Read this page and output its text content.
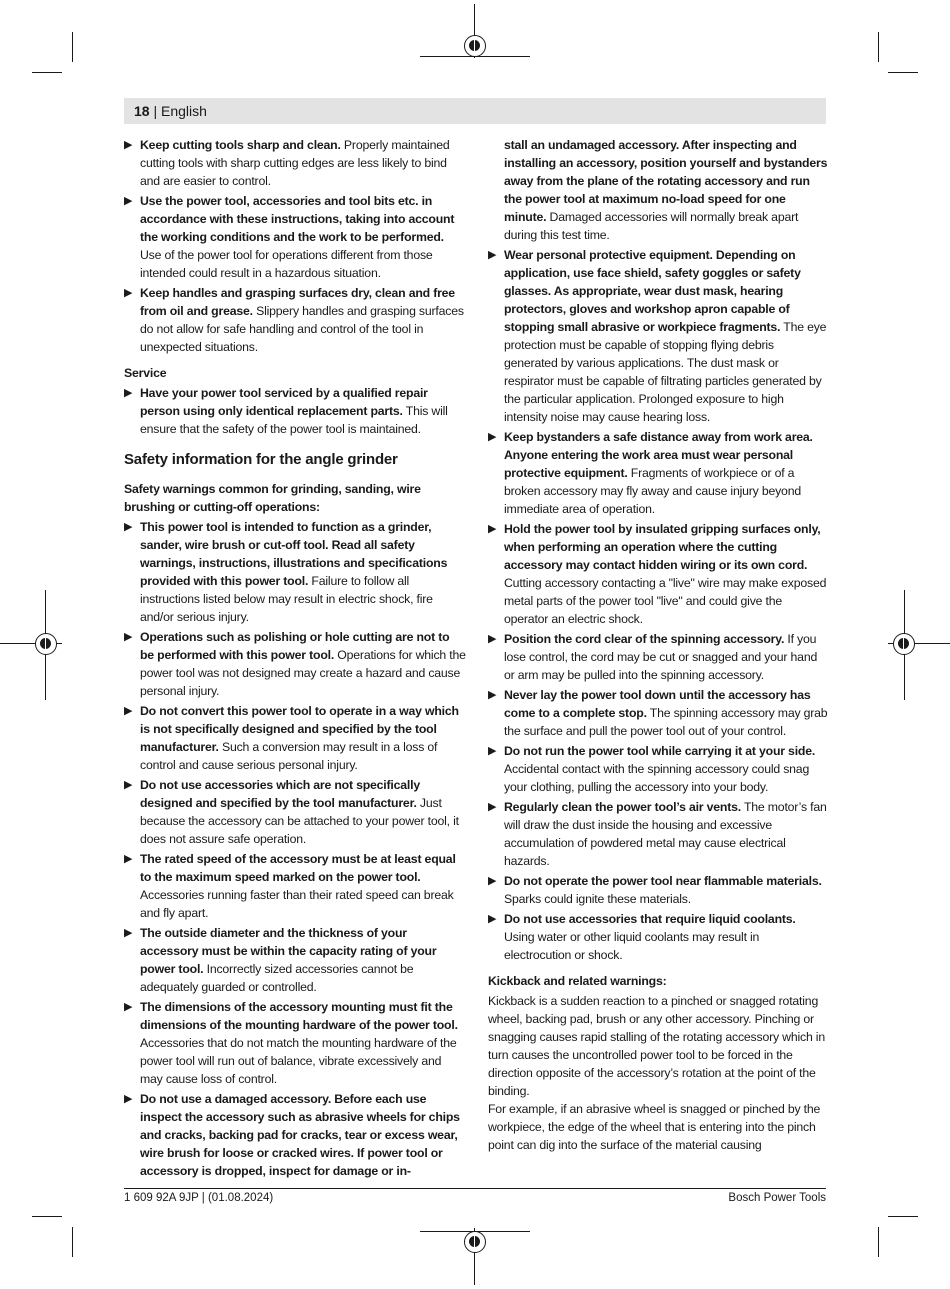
18 | English
▶ Keep cutting tools sharp and clean. Properly maintained cutting tools with sharp cutting edges are less likely to bind and are easier to control.
▶ Use the power tool, accessories and tool bits etc. in accordance with these instructions, taking into account the working conditions and the work to be performed. Use of the power tool for operations different from those intended could result in a hazardous situation.
▶ Keep handles and grasping surfaces dry, clean and free from oil and grease. Slippery handles and grasping surfaces do not allow for safe handling and control of the tool in unexpected situations.
Service
▶ Have your power tool serviced by a qualified repair person using only identical replacement parts. This will ensure that the safety of the power tool is maintained.
Safety information for the angle grinder
Safety warnings common for grinding, sanding, wire brushing or cutting-off operations:
▶ This power tool is intended to function as a grinder, sander, wire brush or cut-off tool. Read all safety warnings, instructions, illustrations and specifications provided with this power tool. Failure to follow all instructions listed below may result in electric shock, fire and/or serious injury.
▶ Operations such as polishing or hole cutting are not to be performed with this power tool. Operations for which the power tool was not designed may create a hazard and cause personal injury.
▶ Do not convert this power tool to operate in a way which is not specifically designed and specified by the tool manufacturer. Such a conversion may result in a loss of control and cause serious personal injury.
▶ Do not use accessories which are not specifically designed and specified by the tool manufacturer. Just because the accessory can be attached to your power tool, it does not assure safe operation.
▶ The rated speed of the accessory must be at least equal to the maximum speed marked on the power tool. Accessories running faster than their rated speed can break and fly apart.
▶ The outside diameter and the thickness of your accessory must be within the capacity rating of your power tool. Incorrectly sized accessories cannot be adequately guarded or controlled.
▶ The dimensions of the accessory mounting must fit the dimensions of the mounting hardware of the power tool. Accessories that do not match the mounting hardware of the power tool will run out of balance, vibrate excessively and may cause loss of control.
▶ Do not use a damaged accessory. Before each use inspect the accessory such as abrasive wheels for chips and cracks, backing pad for cracks, tear or excess wear, wire brush for loose or cracked wires. If power tool or accessory is dropped, inspect for damage or in-
stall an undamaged accessory. After inspecting and installing an accessory, position yourself and bystanders away from the plane of the rotating accessory and run the power tool at maximum no-load speed for one minute. Damaged accessories will normally break apart during this test time.
▶ Wear personal protective equipment. Depending on application, use face shield, safety goggles or safety glasses. As appropriate, wear dust mask, hearing protectors, gloves and workshop apron capable of stopping small abrasive or workpiece fragments. The eye protection must be capable of stopping flying debris generated by various applications. The dust mask or respirator must be capable of filtrating particles generated by the particular application. Prolonged exposure to high intensity noise may cause hearing loss.
▶ Keep bystanders a safe distance away from work area. Anyone entering the work area must wear personal protective equipment. Fragments of workpiece or of a broken accessory may fly away and cause injury beyond immediate area of operation.
▶ Hold the power tool by insulated gripping surfaces only, when performing an operation where the cutting accessory may contact hidden wiring or its own cord. Cutting accessory contacting a "live" wire may make exposed metal parts of the power tool "live" and could give the operator an electric shock.
▶ Position the cord clear of the spinning accessory. If you lose control, the cord may be cut or snagged and your hand or arm may be pulled into the spinning accessory.
▶ Never lay the power tool down until the accessory has come to a complete stop. The spinning accessory may grab the surface and pull the power tool out of your control.
▶ Do not run the power tool while carrying it at your side. Accidental contact with the spinning accessory could snag your clothing, pulling the accessory into your body.
▶ Regularly clean the power tool’s air vents. The motor’s fan will draw the dust inside the housing and excessive accumulation of powdered metal may cause electrical hazards.
▶ Do not operate the power tool near flammable materials. Sparks could ignite these materials.
▶ Do not use accessories that require liquid coolants. Using water or other liquid coolants may result in electrocution or shock.
Kickback and related warnings:

Kickback is a sudden reaction to a pinched or snagged rotating wheel, backing pad, brush or any other accessory. Pinching or snagging causes rapid stalling of the rotating accessory which in turn causes the uncontrolled power tool to be forced in the direction opposite of the accessory’s rotation at the point of the binding.

For example, if an abrasive wheel is snagged or pinched by the workpiece, the edge of the wheel that is entering into the pinch point can dig into the surface of the material causing

1 609 92A 9JP | (01.08.2024)	Bosch Power Tools
